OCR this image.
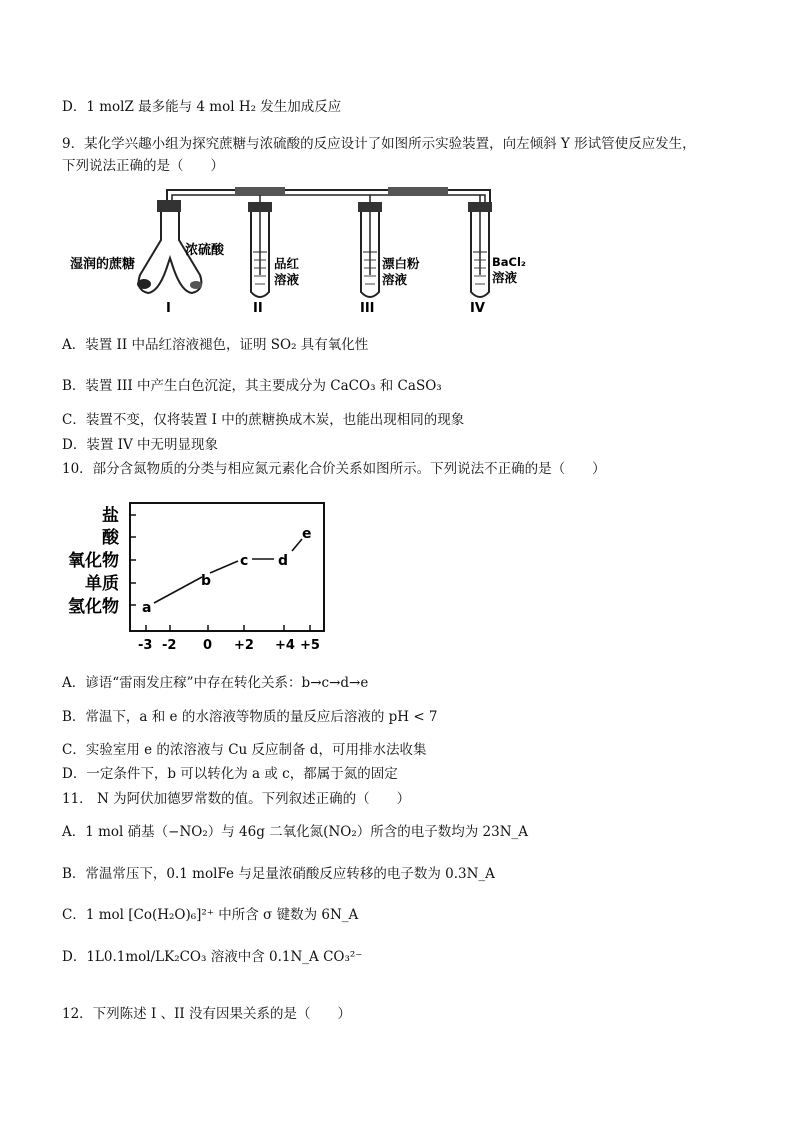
D．1 molZ 最多能与 4 mol H₂ 发生加成反应
9．某化学兴趣小组为探究蔗糖与浓硫酸的反应设计了如图所示实验装置，向左倾斜 Y 形试管使反应发生，
下列说法正确的是（　　）
湿润的蔗糖
浓硫酸
品红
溶液
漂白粉
溶液
BaCl₂
溶液
I	II	III	IV
A．装置 II 中品红溶液褪色，证明 SO₂ 具有氧化性
B．装置 III 中产生白色沉淀，其主要成分为 CaCO₃ 和 CaSO₃
C．装置不变，仅将装置 I 中的蔗糖换成木炭，也能出现相同的现象
D．装置 IV 中无明显现象
10．部分含氮物质的分类与相应氮元素化合价关系如图所示。下列说法不正确的是（　　）
盐
酸
氧化物
单质
氢化物
-3 -2 0 +2 +4 +5
a
b
c d
e
A．谚语“雷雨发庄稼”中存在转化关系：b→c→d→e
B．常温下，a 和 e 的水溶液等物质的量反应后溶液的 pH < 7
C．实验室用 e 的浓溶液与 Cu 反应制备 d，可用排水法收集
D．一定条件下，b 可以转化为 a 或 c，都属于氮的固定
11． N 为阿伏加德罗常数的值。下列叙述正确的（　　）
A．1 mol 硝基（−NO₂）与 46g 二氧化氮(NO₂）所含的电子数均为 23N_A
B．常温常压下，0.1 molFe 与足量浓硝酸反应转移的电子数为 0.3N_A
C．1 mol [Co(H₂O)₆]²⁺ 中所含 σ 键数为 6N_A
D．1L0.1mol/LK₂CO₃ 溶液中含 0.1N_A CO₃²⁻
12．下列陈述 I 、II 没有因果关系的是（　　）
